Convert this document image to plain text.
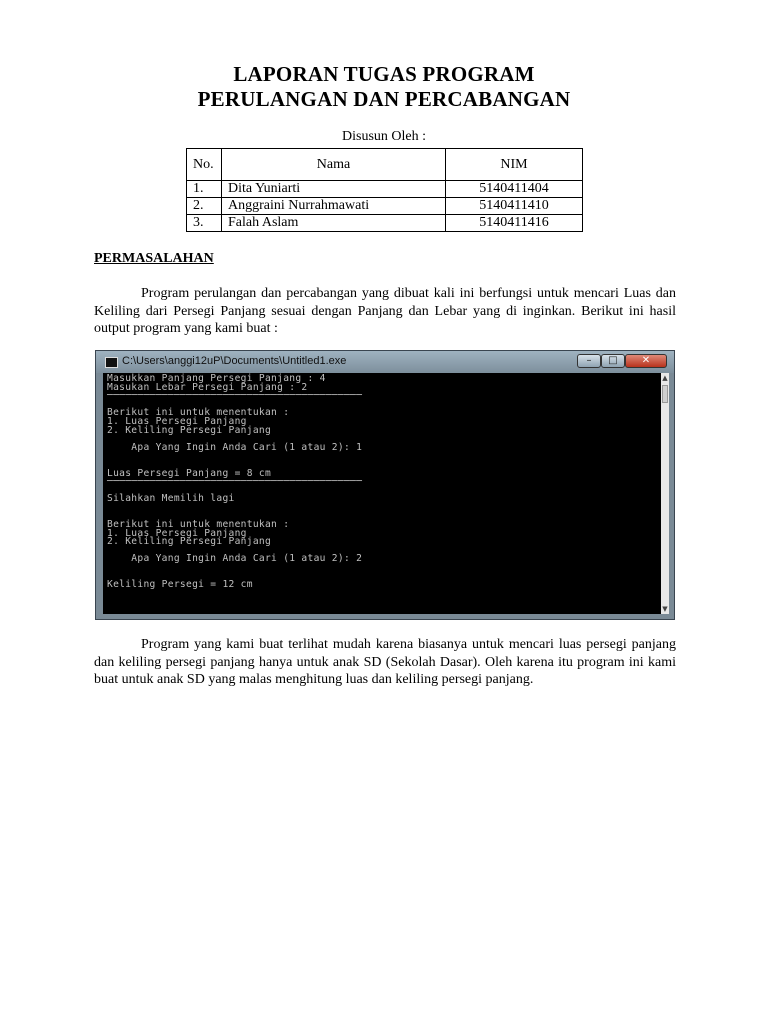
LAPORAN TUGAS PROGRAM
PERULANGAN DAN PERCABANGAN
Disusun Oleh :
No.	Nama	NIM
1.	Dita Yuniarti	5140411404
2.	Anggraini Nurrahmawati	5140411410
3.	Falah Aslam	5140411416
PERMASALAHAN

Program perulangan dan percabangan yang dibuat kali ini berfungsi untuk mencari Luas dan Keliling dari Persegi Panjang sesuai dengan Panjang dan Lebar yang di inginkan. Berikut ini hasil output program yang kami buat :

C:\Users\anggi12uP\Documents\Untitled1.exe	–	□	✕
Masukkan Panjang Persegi Panjang : 4
Masukan Lebar Persegi Panjang : 2
──────────────────────────────────────────

Berikut ini untuk menentukan :
1. Luas Persegi Panjang
2. Keliling Persegi Panjang

Apa Yang Ingin Anda Cari (1 atau 2): 1

Luas Persegi Panjang = 8 cm
──────────────────────────────────────────

Silahkan Memilih lagi

Berikut ini untuk menentukan :
1. Luas Persegi Panjang
2. Keliling Persegi Panjang

Apa Yang Ingin Anda Cari (1 atau 2): 2

Keliling Persegi = 12 cm
▲
▼

Program yang kami buat terlihat mudah karena biasanya untuk mencari luas persegi panjang dan keliling persegi panjang hanya untuk anak SD (Sekolah Dasar). Oleh karena itu program ini kami buat untuk anak SD yang malas menghitung luas dan keliling persegi panjang.
